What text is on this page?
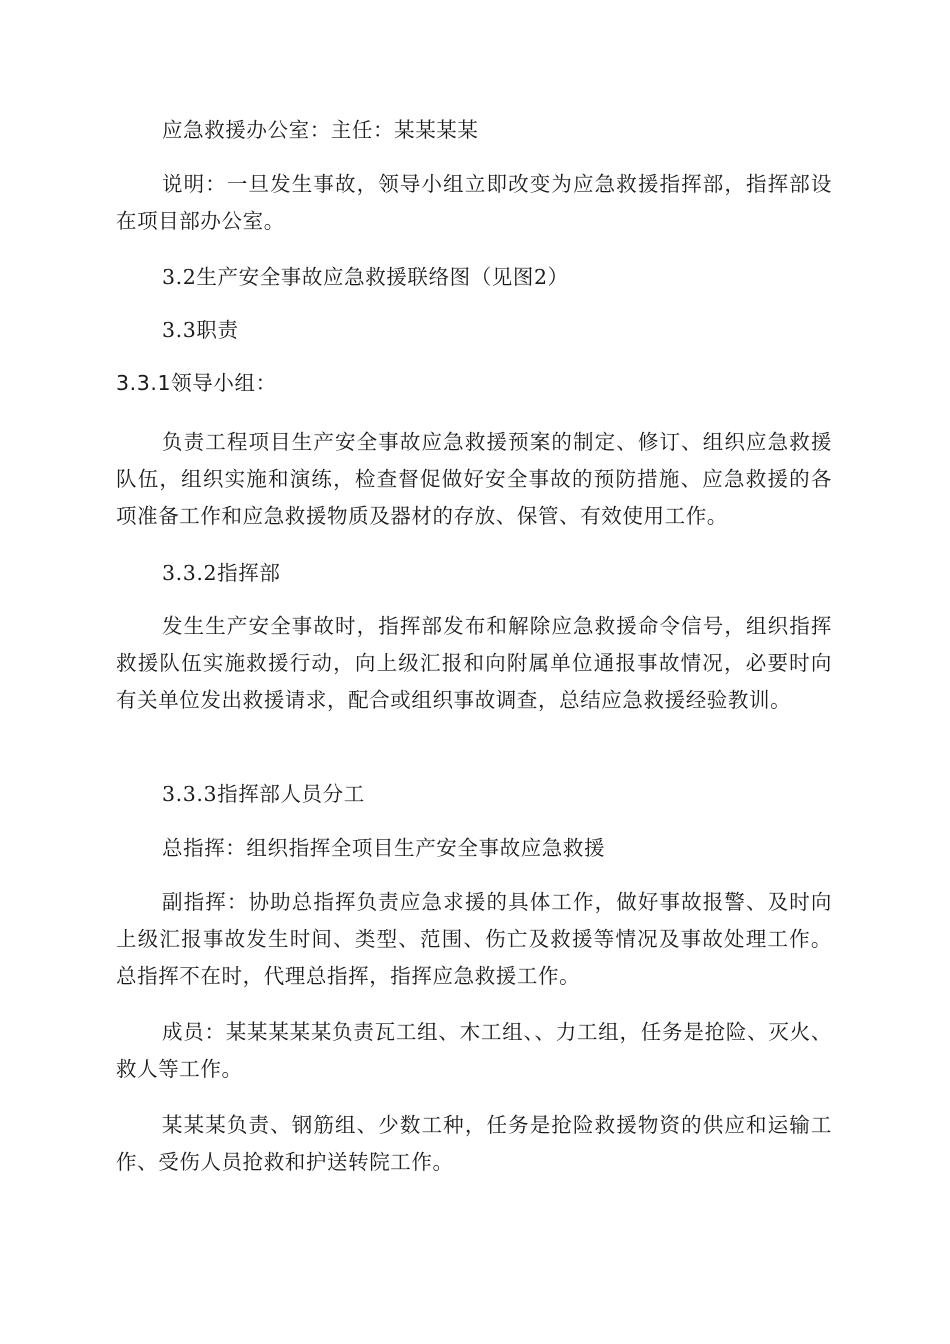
应急救援办公室：主任：某某某某

说明：一旦发生事故，领导小组立即改变为应急救援指挥部，指挥部设在项目部办公室。

3.2生产安全事故应急救援联络图（见图2）

3.3职责

3.3.1领导小组：

负责工程项目生产安全事故应急救援预案的制定、修订、组织应急救援队伍，组织实施和演练，检查督促做好安全事故的预防措施、应急救援的各项准备工作和应急救援物质及器材的存放、保管、有效使用工作。

3.3.2指挥部

发生生产安全事故时，指挥部发布和解除应急救援命令信号，组织指挥救援队伍实施救援行动，向上级汇报和向附属单位通报事故情况，必要时向有关单位发出救援请求，配合或组织事故调查，总结应急救援经验教训。

3.3.3指挥部人员分工

总指挥：组织指挥全项目生产安全事故应急救援

副指挥：协助总指挥负责应急求援的具体工作，做好事故报警、及时向上级汇报事故发生时间、类型、范围、伤亡及救援等情况及事故处理工作。总指挥不在时，代理总指挥，指挥应急救援工作。

成员：某某某某某负责瓦工组、木工组、、力工组，任务是抢险、灭火、救人等工作。

某某某负责、钢筋组、少数工种，任务是抢险救援物资的供应和运输工作、受伤人员抢救和护送转院工作。
